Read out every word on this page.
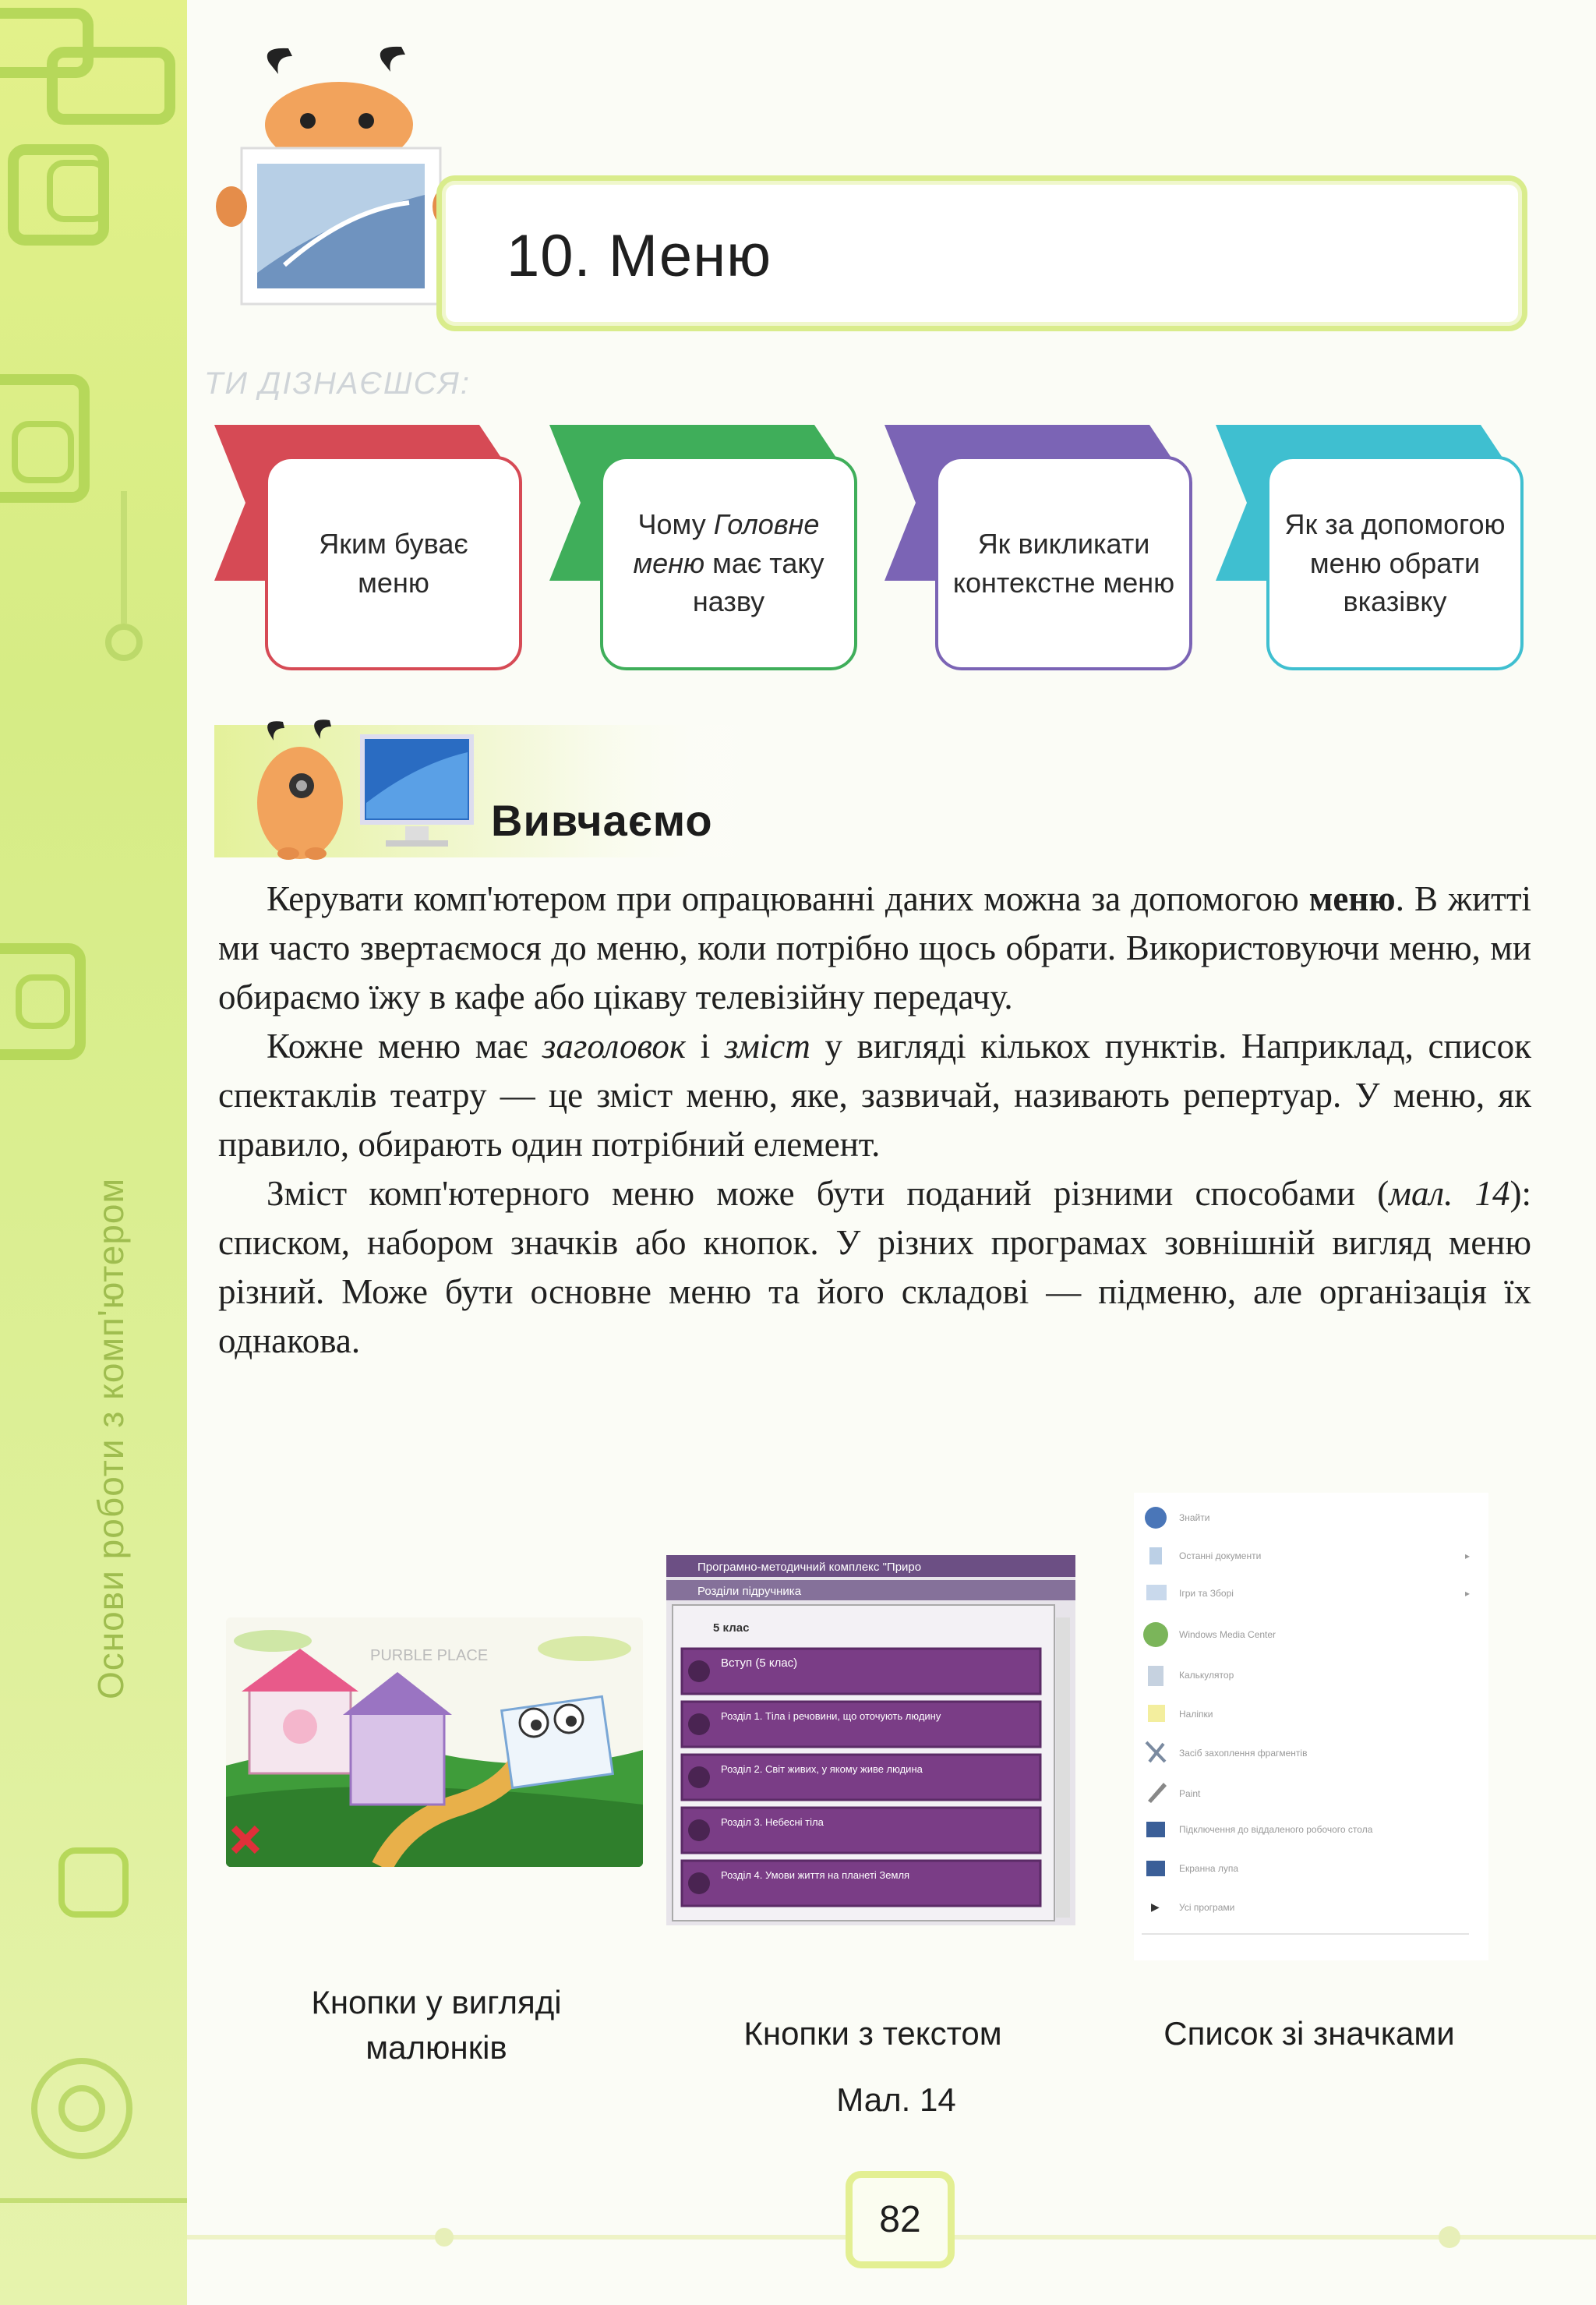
Основи роботи з комп'ютером
10. Меню
ТИ ДІЗНАЄШСЯ:
Яким буває меню
Чому Головне меню має таку назву
Як викликати контекстне меню
Як за допомогою меню обрати вказівку
Вивчаємо

Керувати комп'ютером при опрацюванні даних можна за допомогою меню. В житті ми часто звертаємося до меню, коли потрібно щось обрати. Використовуючи меню, ми обираємо їжу в кафе або цікаву телевізійну передачу.

Кожне меню має заголовок і зміст у вигляді кількох пунктів. Наприклад, список спектаклів театру — це зміст меню, яке, зазвичай, називають репертуар. У меню, як правило, обирають один потрібний елемент.

Зміст комп'ютерного меню може бути поданий різними способами (мал. 14): списком, набором значків або кнопок. У різних програмах зовнішній вигляд меню різний. Може бути основне меню та його складові — підменю, але організація їх однакова.

PURBLE PLACE
Програмно-методичний комплекс "Приро
Розділи підручника
5 клас
Вступ (5 клас)
Розділ 1. Тіла і речовини, що оточують людину
Розділ 2. Світ живих, у якому живе людина
Розділ 3. Небесні тіла
Розділ 4. Умови життя на планеті Земля
Знайти
Останні документи	▸
Ігри та Зборі	▸
Windows Media Center
Калькулятор
Наліпки
Засіб захоплення фрагментів
Paint
Підключення до віддаленого робочого стола
Екранна лупа
▶ Усі програми
Кнопки у вигляді малюнків	Кнопки з текстом	Список зі значками
Мал. 14
82
